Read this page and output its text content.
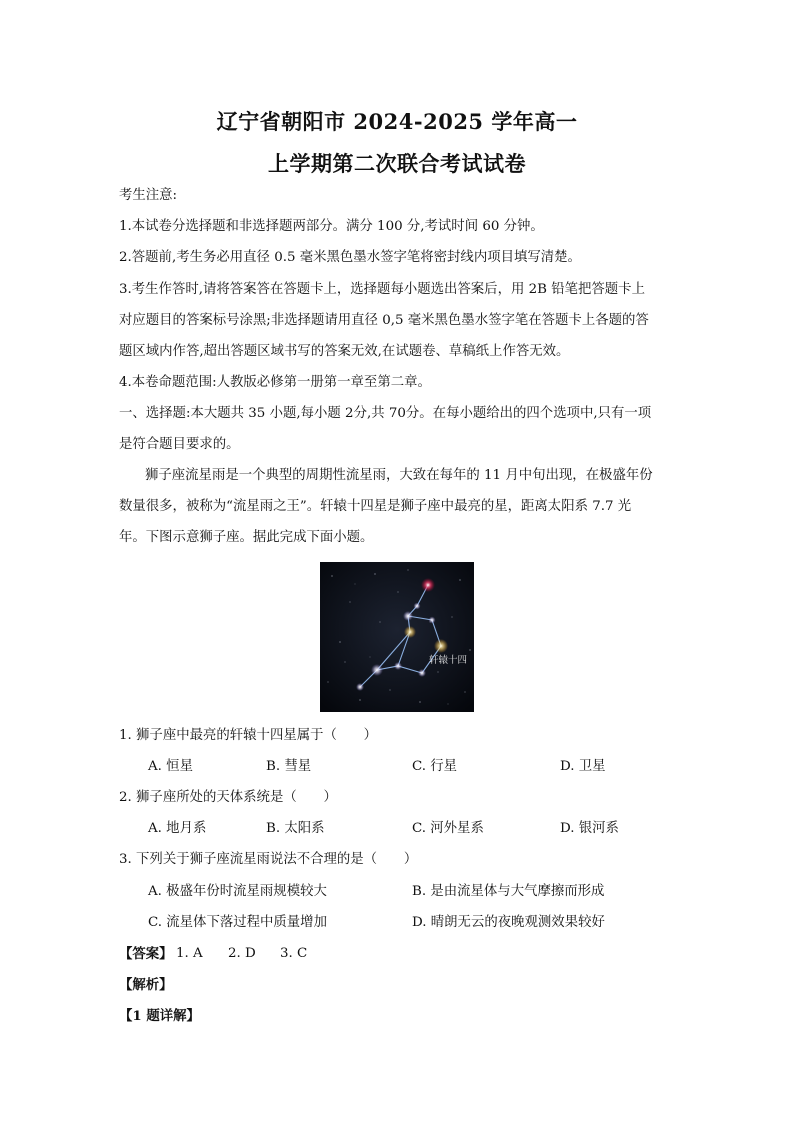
辽宁省朝阳市 2024-2025 学年高一
上学期第二次联合考试试卷
考生注意:
1.本试卷分选择题和非选择题两部分。满分 100 分,考试时间 60 分钟。
2.答题前,考生务必用直径 0.5 毫米黑色墨水签字笔将密封线内项目填写清楚。
3.考生作答时,请将答案答在答题卡上，选择题每小题选出答案后，用 2B 铅笔把答题卡上
对应题目的答案标号涂黑;非选择题请用直径 0,5 毫米黑色墨水签字笔在答题卡上各题的答
题区域内作答,超出答题区域书写的答案无效,在试题卷、草稿纸上作答无效。
4.本卷命题范围:人教版必修第一册第一章至第二章。
一、选择题:本大题共 35 小题,每小题 2分,共 70分。在每小题给出的四个选项中,只有一项
是符合题目要求的。
狮子座流星雨是一个典型的周期性流星雨，大致在每年的 11 月中旬出现，在极盛年份
数量很多，被称为“流星雨之王”。轩辕十四星是狮子座中最亮的星，距离太阳系 7.7 光
年。下图示意狮子座。据此完成下面小题。
轩辕十四
1. 狮子座中最亮的轩辕十四星属于（　　）
A. 恒星	B. 彗星	C. 行星	D. 卫星
2. 狮子座所处的天体系统是（　　）
A. 地月系	B. 太阳系	C. 河外星系	D. 银河系
3. 下列关于狮子座流星雨说法不合理的是（　　）
A. 极盛年份时流星雨规模较大	B. 是由流星体与大气摩擦而形成
C. 流星体下落过程中质量增加	D. 晴朗无云的夜晚观测效果较好
【答案】 1. A 2. D 3. C
【解析】
【1 题详解】
